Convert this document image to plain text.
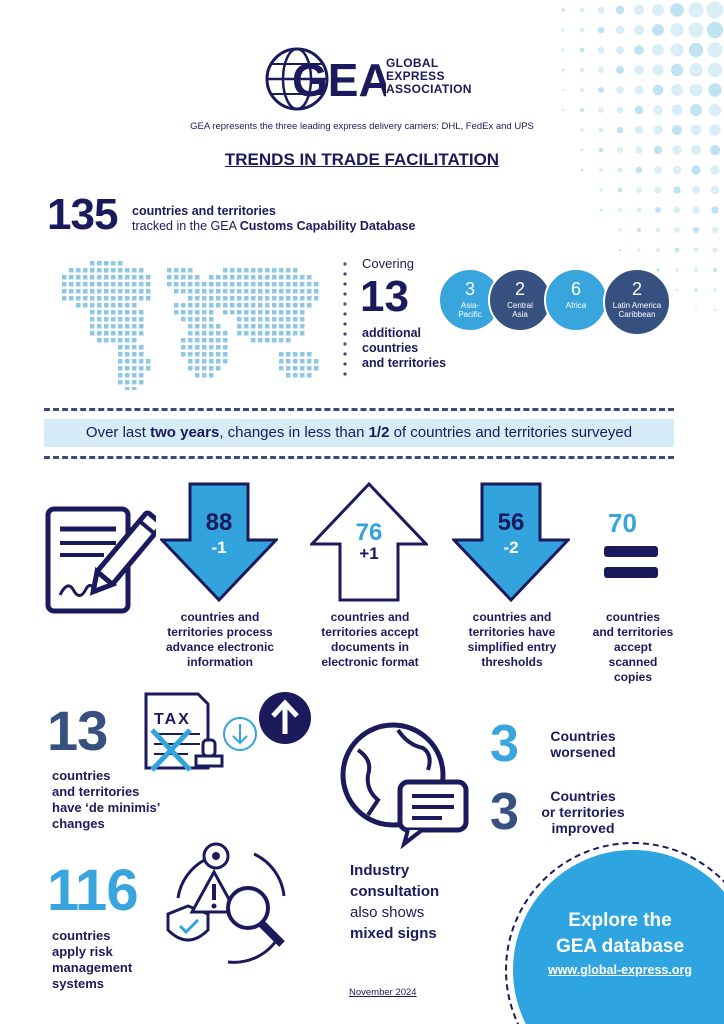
GEA
GLOBAL
EXPRESS
ASSOCIATION
GEA represents the three leading express delivery carriers: DHL, FedEx and UPS
TRENDS IN TRADE FACILITATION
135 countries and territories
tracked in the GEA Customs Capability Database
Covering
13
additional
countries
and territories
3
Asia-
Pacific
2
Central
Asia
6
Africa
2
Latin America
Caribbean
Over last two years, changes in less than 1/2 of countries and territories surveyed
88
-1
countries and
territories process
advance electronic
information
76
+1
countries and
territories accept
documents in
electronic format
56
-2
countries and
territories have
simplified entry
thresholds
70
countries
and territories
accept scanned
copies
13	TAX
countries
and territories
have ‘de minimis’
changes
116
countries
apply risk
management
systems
3	Countries
worsened
3	Countries
or territories
improved
Industry
consultation
also shows
mixed signs
November 2024
Explore the
GEA database
www.global-express.org
